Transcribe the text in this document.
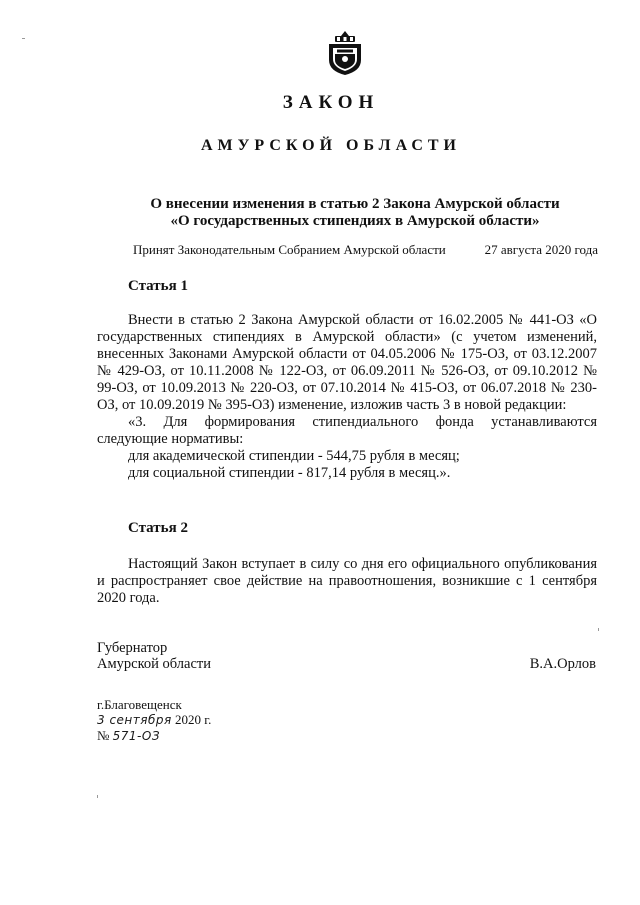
ЗАКОН
АМУРСКОЙ ОБЛАСТИ
О внесении изменения в статью 2 Закона Амурской области «О государственных стипендиях в Амурской области»
Принят Законодательным Собранием Амурской области	27 августа 2020 года
Статья 1

Внести в статью 2 Закона Амурской области от 16.02.2005 № 441-ОЗ «О государственных стипендиях в Амурской области» (с учетом изменений, внесенных Законами Амурской области от 04.05.2006 № 175-ОЗ, от 03.12.2007 № 429-ОЗ, от 10.11.2008 № 122-ОЗ, от 06.09.2011 № 526-ОЗ, от 09.10.2012 № 99-ОЗ, от 10.09.2013 № 220-ОЗ, от 07.10.2014 № 415-ОЗ, от 06.07.2018 № 230-ОЗ, от 10.09.2019 № 395-ОЗ) изменение, изложив часть 3 в новой редакции:

«3. Для формирования стипендиального фонда устанавливаются следующие нормативы:

для академической стипендии - 544,75 рубля в месяц;

для социальной стипендии - 817,14 рубля в месяц.».

Статья 2

Настоящий Закон вступает в силу со дня его официального опубликования и распространяет свое действие на правоотношения, возникшие с 1 сентября 2020 года.

Губернатор
Амурской области	В.А.Орлов
г.Благовещенск
3 сентября 2020 г.
№ 571-ОЗ
